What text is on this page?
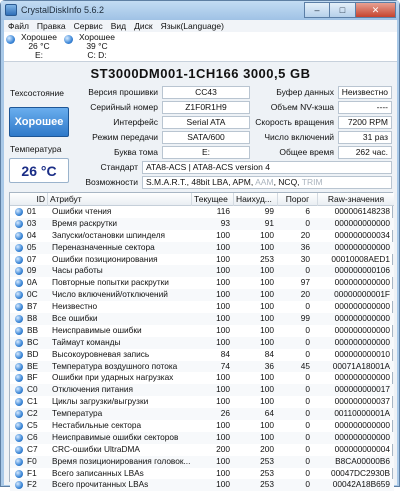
CrystalDiskInfo 5.6.2	–	□	✕
Файл Правка Сервис Вид Диск Язык(Language)
Хорошее
26 °C
E:
Хорошее
39 °C
C: D:
ST3000DM001-1CH166 3000,5 GB
Техсостояние
Хорошее
Температура
26 °C
Версия прошивки	CC43	Буфер данных Неизвестно
Серийный номер	Z1F0R1H9	Объем NV-кэша	----
Интерфейс	Serial ATA	Скорость вращения	7200 RPM
Режим передачи	SATA/600	Число включений	31 раз
Буква тома	E:	Общее время	262 час.
Стандарт ATA8-ACS | ATA8-ACS version 4
Возможности S.M.A.R.T., 48bit LBA, APM, AAM, NCQ, TRIM
ID Атрибут	Текущее Наихуд...	Порог	Raw-значения
01	Ошибки чтения	116	99	6	000006148238
03	Время раскрутки	93	91	0	000000000000
04	Запуски/остановки шпинделя	100	100	20	000000000034
05	Переназначенные сектора	100	100	36	000000000000
07	Ошибки позиционирования	100	253	30	00010008AED1
09	Часы работы	100	100	0	000000000106
0A	Повторные попытки раскрутки	100	100	97	000000000000
0C	Число включений/отключений	100	100	20	00000000001F
B7	Неизвестно	100	100	0	000000000000
B8	Все ошибки	100	100	99	000000000000
BB	Неисправимые ошибки	100	100	0	000000000000
BC	Таймаут команды	100	100	0	000000000000
BD	Высокоуровневая запись	84	84	0	000000000010
BE	Температура воздушного потока	74	36	45	00071A18001A
BF	Ошибки при ударных нагрузках	100	100	0	000000000000
C0	Отключения питания	100	100	0	000000000017
C1	Циклы загрузки/выгрузки	100	100	0	000000000037
C2	Температура	26	64	0	00110000001A
C5	Нестабильные сектора	100	100	0	000000000000
C6	Неисправимые ошибки секторов	100	100	0	000000000000
C7	CRC-ошибки UltraDMA	200	200	0	000000000004
F0	Время позиционирования головок...	100	253	0	B8CA00000B6
F1	Всего записанных LBAs	100	253	0	00047DC2930B
F2	Всего прочитанных LBAs	100	253	0	00042A18B659
